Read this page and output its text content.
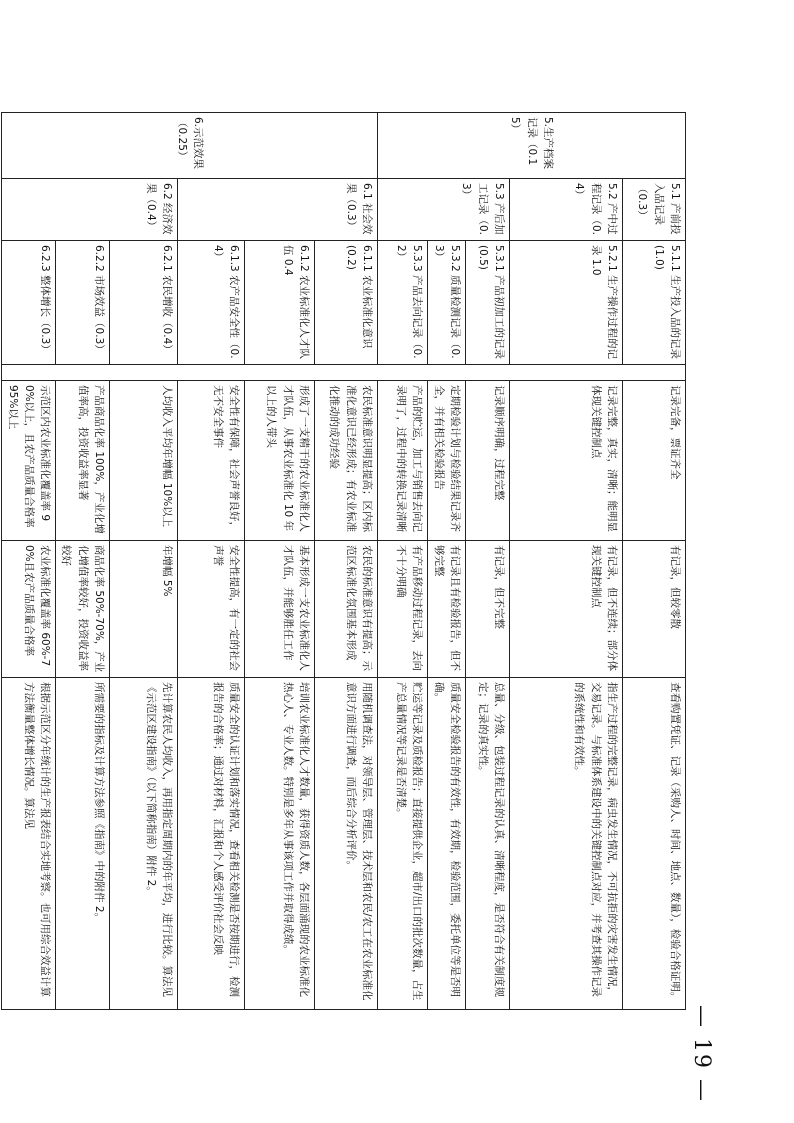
5.生产档案记录（0.15）	5.1 产前投入品记录（0.3）	5.1.1 生产投入品的记录(1.0)		记录完备，票证齐全	有记录，但较零散	查看购置凭证、记录（采购人、时间、地点、数量），检验合格证明。
	5.2 产中过程记录（0.4）	5.2.1 生产操作过程的记录 1.0		记录完整，真实，清晰；能明显体现关键控制点	有记录，但不连续；部分体现关键控制点	指生产过程的完整记录，病虫发生情况，不可抗拒的灾害发生情况，交易记录。与标准体系建设中的关键控制点对应，并考查其操作记录的系统性和有效性。
	5.3 产后加工记录（0.3）	5.3.1 产品初加工的记录(0.5)		记录顺序明确，过程完整	有记录，但不完整	总量、分级、包装过程记录的认真、清晰程度，是否符合有关制度规定；记录的真实性。
		5.3.2 质量检测记录（0.3）		定期检验计划与检验结果记录齐全，并有相关检验报告	有记录且有检验报告，但不够完整	质量安全检验报告的有效性，有效期，检验范围，委托单位等是否明确。
		5.3.3 产品去向记录（0.2）		产品的贮运，加工与销售去向记录明了，过程中的转换记录清晰	有产品移动过程记录，去向不十分明确	贮运等记录及质检报告；直接提供企业，超市/出口的批次数量，占生产总量情况等记录是否清楚。
6.示范效果（0.25）	6.1 社会效果（0.3）	6.1.1 农业标准化意识(0.2)		农民标准意识明显提高；区内标准化意识已经形成；有农业标准化推动的成功经验	农民的标准意识有提高；示范区标准化氛围基本形成	用随机调查法，对领导层、管理层、技术层和农民/农工在农业标准化意识方面进行调查，而后综合分析评价。
		6.1.2 农业标准化人才队伍 0.4		形成了一支精干的农业标准化人才队伍，从事农业标准化 10 年以上的人带头	基本形成一支农业标准化人才队伍，并能够胜任工作	培训农业标准化人才数量，获得资质人数，各层面涌现的农业标准化热心人、专业人数。特别是多年从事该项工作并取得成绩。
		6.1.3 农产品安全性（0.4）		安全性有保障，社会声誉良好，无不安全事件	安全性提高，有一定的社会声誉	质量安全的认证计划和落实情况，查看相关检测是否按期进行，检测报告的合格率；通过对材料，汇报和个人感受评价社会反映
	6.2 经济效果（0.4）	6.2.1 农民增收（0.4）		人均收入平均年增幅 10%以上	年增幅 5%	先计算农民人均收入，再用指定周期内的年平均，进行比较。算法见《示范区建设指南》（以下简称指南）附件 2。
		6.2.2 市场效益（0.3）		产品商品化率 100%，产业化增值率高，投资收益率显著	商品化率 50%-70%，产业化增值率较好，投资收益率较好	所需要的指标及计算方法参照《指南》中的附件 2。
		6.2.3 整体增长（0.3）		示范区内农业标准化覆盖率 90%以上，且农产品质量合格率 95%以上	农业标准化覆盖率 60%-70%且农产品质量合格率	根据示范区分年统计的生产报表结合实地考察。也可用综合效益计算方法衡量整体增长情况。算法见
— 19 —
